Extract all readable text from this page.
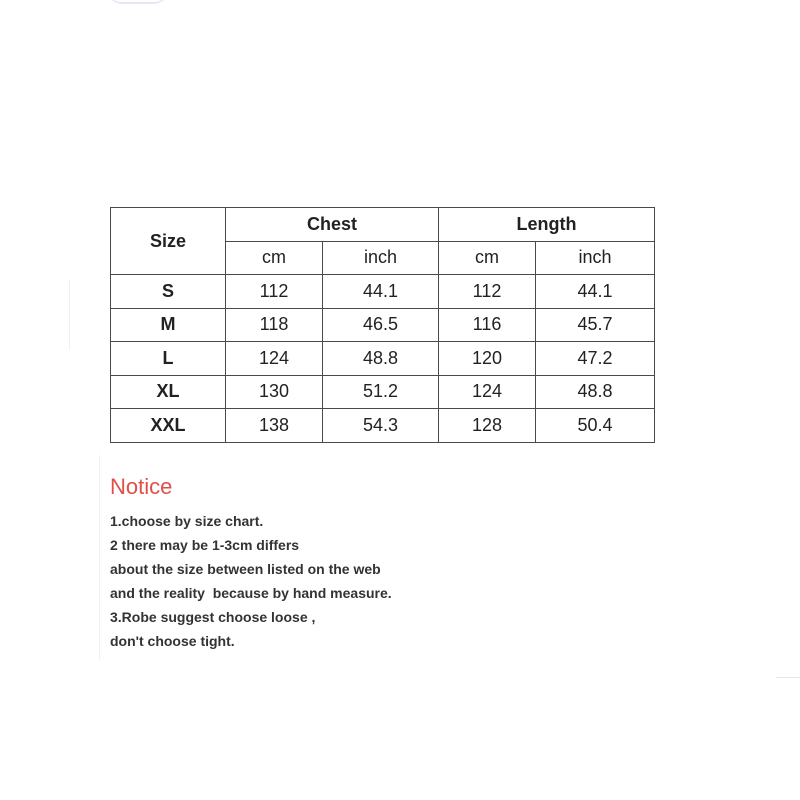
Size	Chest		Length	
	cm	inch	cm	inch
S	112	44.1	112	44.1
M	118	46.5	116	45.7
L	124	48.8	120	47.2
XL	130	51.2	124	48.8
XXL	138	54.3	128	50.4
Notice
1.choose by size chart.
2 there may be 1-3cm differs
about the size between listed on the web
and the reality  because by hand measure.
3.Robe suggest choose loose ,
don't choose tight.
